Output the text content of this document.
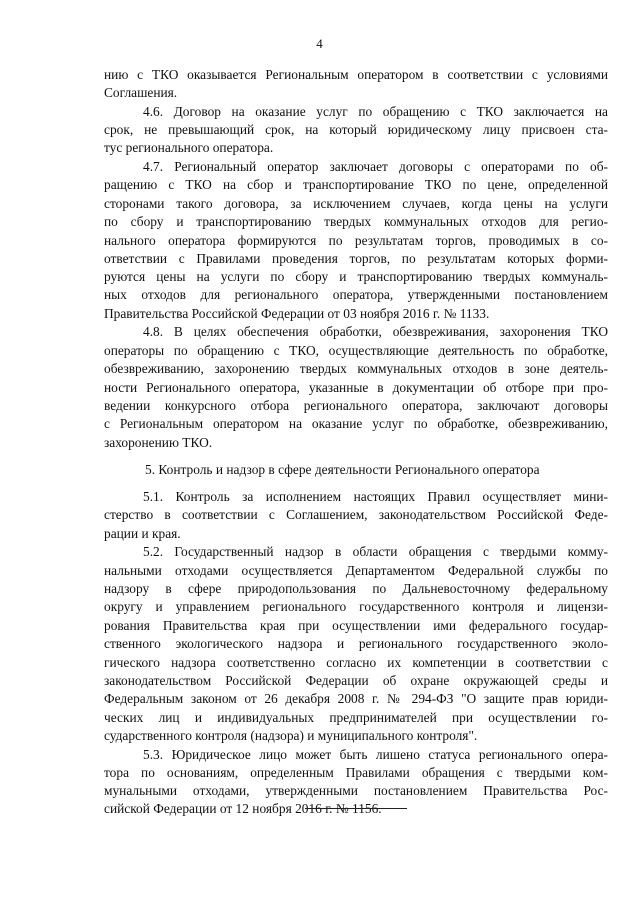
4
нию с ТКО оказывается Региональным оператором в соответствии с условиями
Соглашения.
4.6. Договор на оказание услуг по обращению с ТКО заключается на
срок, не превышающий срок, на который юридическому лицу присвоен ста-
тус регионального оператора.
4.7. Региональный оператор заключает договоры с операторами по об-
ращению с ТКО на сбор и транспортирование ТКО по цене, определенной
сторонами такого договора, за исключением случаев, когда цены на услуги
по сбору и транспортированию твердых коммунальных отходов для регио-
нального оператора формируются по результатам торгов, проводимых в со-
ответствии с Правилами проведения торгов, по результатам которых форми-
руются цены на услуги по сбору и транспортированию твердых коммуналь-
ных отходов для регионального оператора, утвержденными постановлением
Правительства Российской Федерации от 03 ноября 2016 г. № 1133.
4.8. В целях обеспечения обработки, обезвреживания, захоронения ТКО
операторы по обращению с ТКО, осуществляющие деятельность по обработке,
обезвреживанию, захоронению твердых коммунальных отходов в зоне деятель-
ности Регионального оператора, указанные в документации об отборе при про-
ведении конкурсного отбора регионального оператора, заключают договоры
с Региональным оператором на оказание услуг по обработке, обезвреживанию,
захоронению ТКО.
5. Контроль и надзор в сфере деятельности Регионального оператора
5.1. Контроль за исполнением настоящих Правил осуществляет мини-
стерство в соответствии с Соглашением, законодательством Российской Феде-
рации и края.
5.2. Государственный надзор в области обращения с твердыми комму-
нальными отходами осуществляется Департаментом Федеральной службы по
надзору в сфере природопользования по Дальневосточному федеральному
округу и управлением регионального государственного контроля и лицензи-
рования Правительства края при осуществлении ими федерального государ-
ственного экологического надзора и регионального государственного эколо-
гического надзора соответственно согласно их компетенции в соответствии с
законодательством Российской Федерации об охране окружающей среды и
Федеральным законом от 26 декабря 2008 г. № 294-ФЗ "О защите прав юриди-
ческих лиц и индивидуальных предпринимателей при осуществлении го-
сударственного контроля (надзора) и муниципального контроля".
5.3. Юридическое лицо может быть лишено статуса регионального опера-
тора по основаниям, определенным Правилами обращения с твердыми ком-
мунальными отходами, утвержденными постановлением Правительства Рос-
сийской Федерации от 12 ноября 2016 г. № 1156.
